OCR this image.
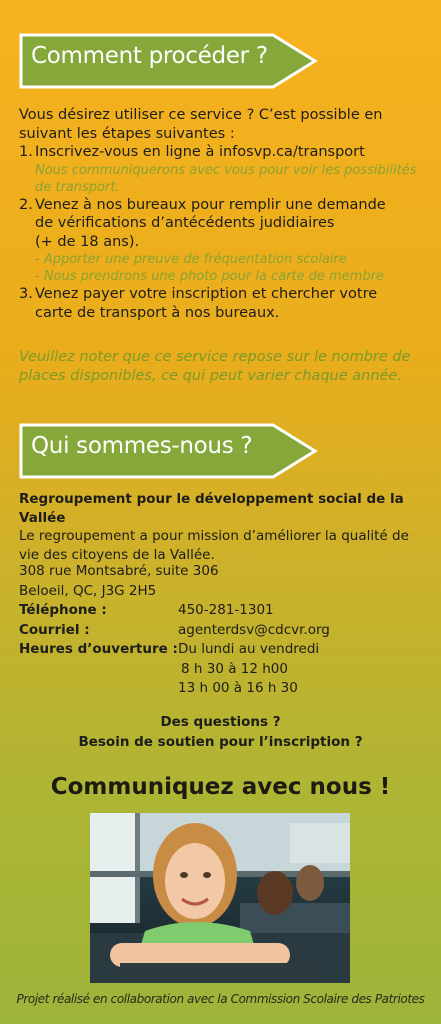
Comment procéder ?
Vous désirez utiliser ce service ? C’est possible en
suivant les étapes suivantes :
1. Inscrivez-vous en ligne à infosvp.ca/transport
Nous communiquerons avec vous pour voir les possibilités
de transport.
2. Venez à nos bureaux pour remplir une demande
de vérifications d’antécédents judidiaires
(+ de 18 ans).
- Apporter une preuve de fréquentation scolaire
- Nous prendrons une photo pour la carte de membre
3. Venez payer votre inscription et chercher votre
carte de transport à nos bureaux.
Veuillez noter que ce service repose sur le nombre de
places disponibles, ce qui peut varier chaque année.
Qui sommes-nous ?
Regroupement pour le développement social de la Vallée
Le regroupement a pour mission d’améliorer la qualité de
vie des citoyens de la Vallée.
308 rue Montsabré, suite 306
Beloeil, QC, J3G 2H5
Téléphone :	450-281-1301
Courriel :	agenterdsv@cdcvr.org
Heures d’ouverture : Du lundi au vendredi
8 h 30 à 12 h00
13 h 00 à 16 h 30
Des questions ?
Besoin de soutien pour l’inscription ?
Communiquez avec nous !
Projet réalisé en collaboration avec la Commission Scolaire des Patriotes
